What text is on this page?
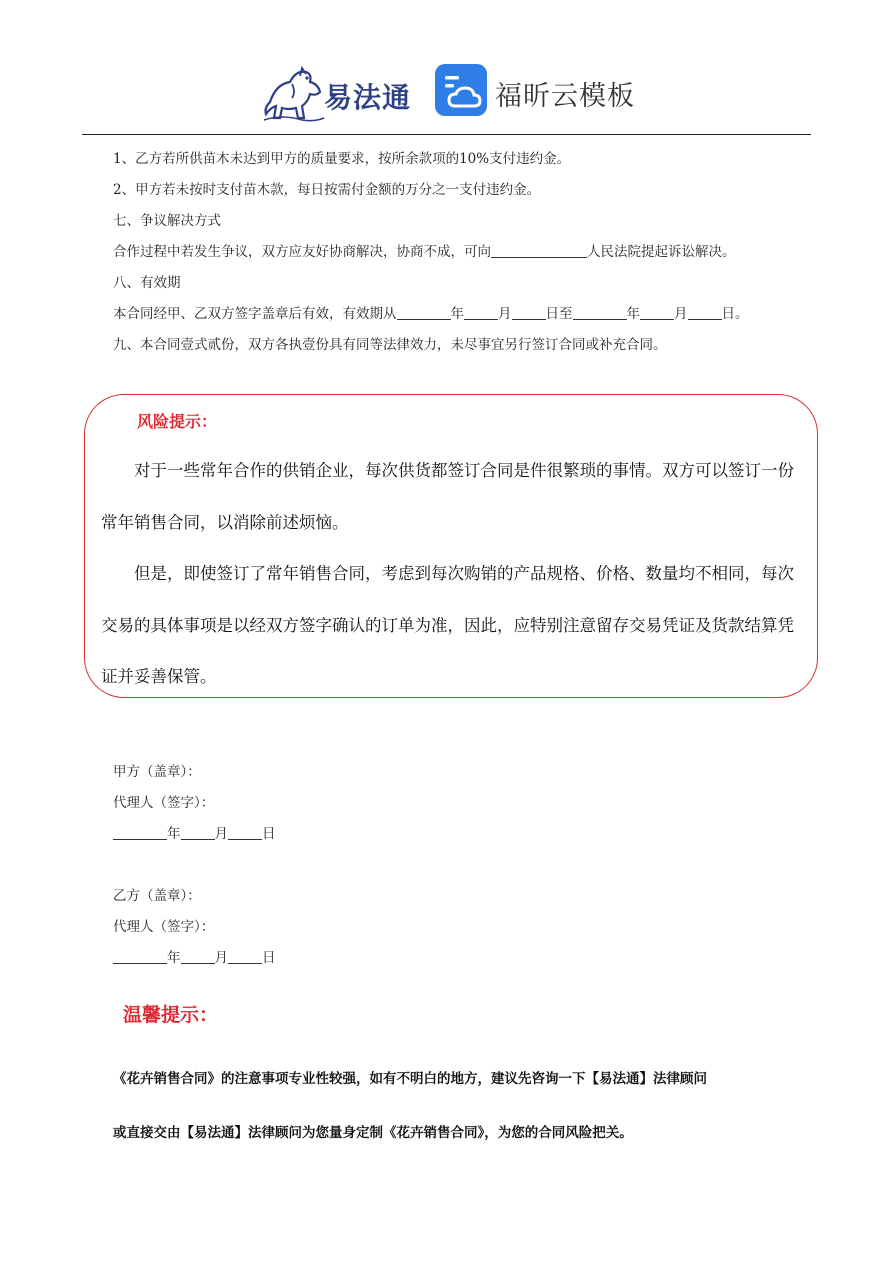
易法通	福昕云模板
1、乙方若所供苗木未达到甲方的质量要求，按所余款项的10%支付违约金。
2、甲方若未按时支付苗木款，每日按需付金额的万分之一支付违约金。
七、争议解决方式
合作过程中若发生争议，双方应友好协商解决，协商不成，可向	人民法院提起诉讼解决。
八、有效期
本合同经甲、乙双方签字盖章后有效，有效期从	年	月	日至	年	月	日。
九、本合同壹式贰份，双方各执壹份具有同等法律效力，未尽事宜另行签订合同或补充合同。
风险提示：

对于一些常年合作的供销企业，每次供货都签订合同是件很繁琐的事情。双方可以签订一份常年销售合同，以消除前述烦恼。

但是，即使签订了常年销售合同，考虑到每次购销的产品规格、价格、数量均不相同，每次交易的具体事项是以经双方签字确认的订单为准，因此，应特别注意留存交易凭证及货款结算凭证并妥善保管。

甲方（盖章）：
代理人（签字）：
年	月	日
乙方（盖章）：
代理人（签字）：
年	月	日
温馨提示：
《花卉销售合同》的注意事项专业性较强，如有不明白的地方，建议先咨询一下【易法通】法律顾问
或直接交由【易法通】法律顾问为您量身定制《花卉销售合同》，为您的合同风险把关。
